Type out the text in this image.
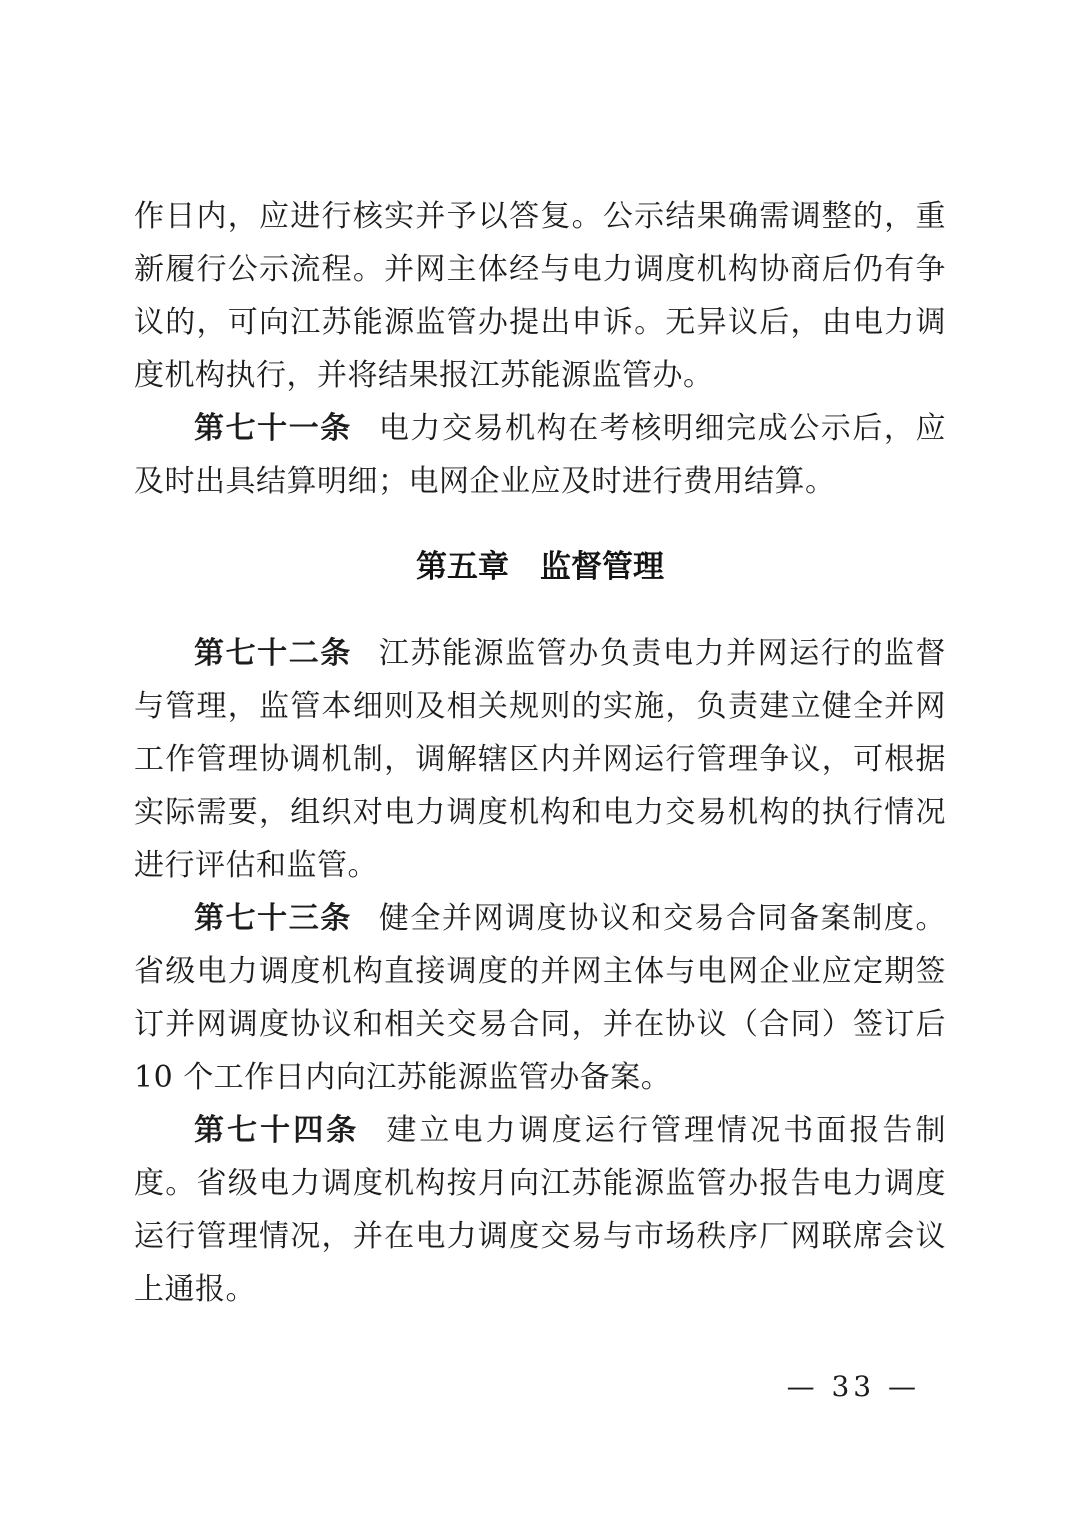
作日内，应进行核实并予以答复。公示结果确需调整的，重新履行公示流程。并网主体经与电力调度机构协商后仍有争议的，可向江苏能源监管办提出申诉。无异议后，由电力调度机构执行，并将结果报江苏能源监管办。

第七十一条 电力交易机构在考核明细完成公示后，应及时出具结算明细；电网企业应及时进行费用结算。

第五章　监督管理

第七十二条 江苏能源监管办负责电力并网运行的监督与管理，监管本细则及相关规则的实施，负责建立健全并网工作管理协调机制，调解辖区内并网运行管理争议，可根据实际需要，组织对电力调度机构和电力交易机构的执行情况进行评估和监管。

第七十三条 健全并网调度协议和交易合同备案制度。省级电力调度机构直接调度的并网主体与电网企业应定期签订并网调度协议和相关交易合同，并在协议（合同）签订后 10 个工作日内向江苏能源监管办备案。

第七十四条 建立电力调度运行管理情况书面报告制度。省级电力调度机构按月向江苏能源监管办报告电力调度运行管理情况，并在电力调度交易与市场秩序厂网联席会议上通报。

— 33 —
